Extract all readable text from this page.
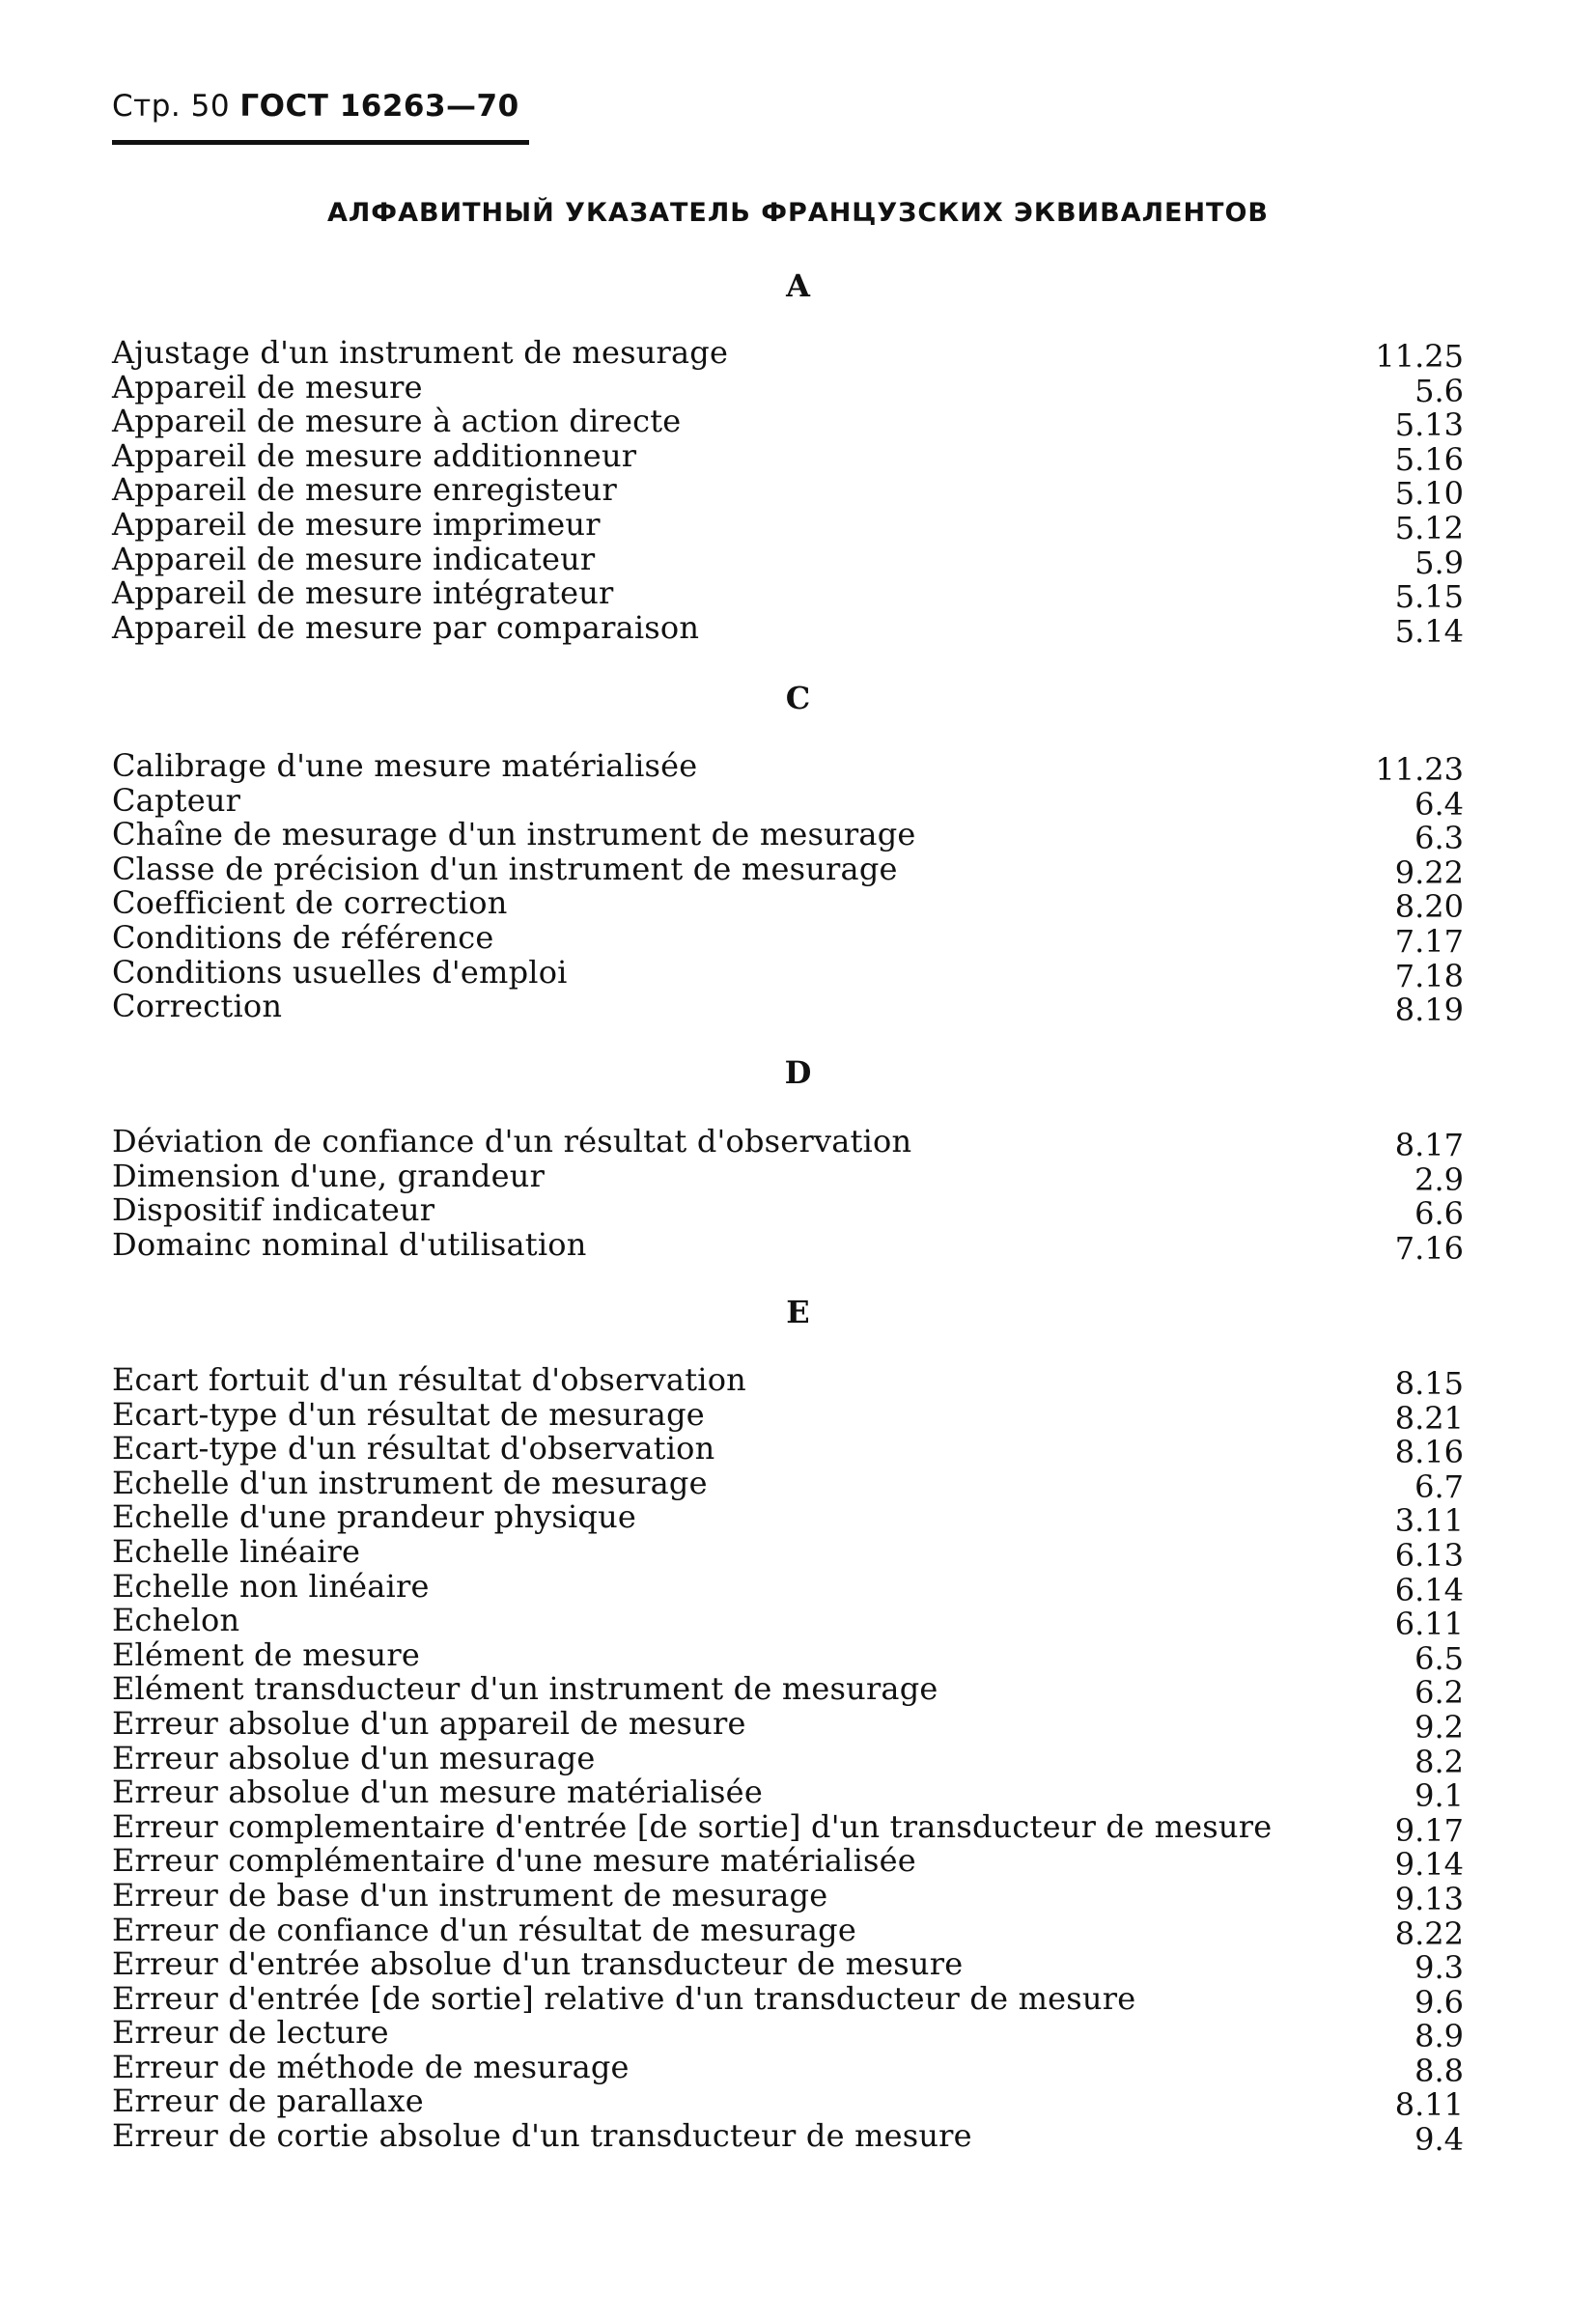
Стр. 50 ГОСТ 16263—70
АЛФАВИТНЫЙ УКАЗАТЕЛЬ ФРАНЦУЗСКИХ ЭКВИВАЛЕНТОВ
A
Ajustage d'un instrument de mesurage	11.25
Appareil de mesure	5.6
Appareil de mesure à action directe	5.13
Appareil de mesure additionneur	5.16
Appareil de mesure enregisteur	5.10
Appareil de mesure imprimeur	5.12
Appareil de mesure indicateur	5.9
Appareil de mesure intégrateur	5.15
Appareil de mesure par comparaison	5.14
C
Calibrage d'une mesure matérialisée	11.23
Capteur	6.4
Chaîne de mesurage d'un instrument de mesurage	6.3
Classe de précision d'un instrument de mesurage	9.22
Coefficient de correction	8.20
Conditions de référence	7.17
Conditions usuelles d'emploi	7.18
Correction	8.19
D
Déviation de confiance d'un résultat d'observation	8.17
Dimension d'une, grandeur	2.9
Dispositif indicateur	6.6
Domainc nominal d'utilisation	7.16
E
Ecart fortuit d'un résultat d'observation	8.15
Ecart-type d'un résultat de mesurage	8.21
Ecart-type d'un résultat d'observation	8.16
Echelle d'un instrument de mesurage	6.7
Echelle d'une prandeur physique	3.11
Echelle linéaire	6.13
Echelle non linéaire	6.14
Echelon	6.11
Elément de mesure	6.5
Elément transducteur d'un instrument de mesurage	6.2
Erreur absolue d'un appareil de mesure	9.2
Erreur absolue d'un mesurage	8.2
Erreur absolue d'un mesure matérialisée	9.1
Erreur complementaire d'entrée [de sortie] d'un transducteur de mesure	9.17
Erreur complémentaire d'une mesure matérialisée	9.14
Erreur de base d'un instrument de mesurage	9.13
Erreur de confiance d'un résultat de mesurage	8.22
Erreur d'entrée absolue d'un transducteur de mesure	9.3
Erreur d'entrée [de sortie] relative d'un transducteur de mesure	9.6
Erreur de lecture	8.9
Erreur de méthode de mesurage	8.8
Erreur de parallaxe	8.11
Erreur de cortie absolue d'un transducteur de mesure	9.4
